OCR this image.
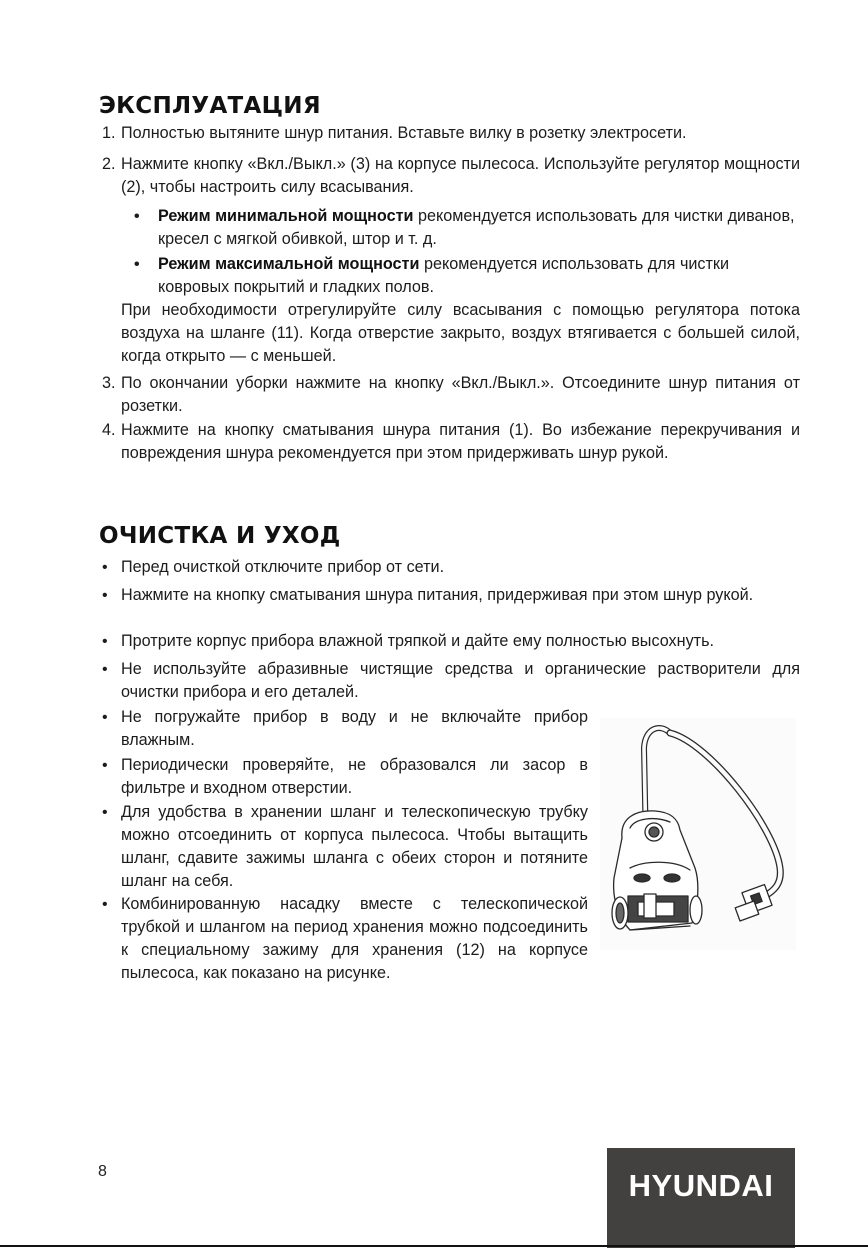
ЭКСПЛУАТАЦИЯ
1. Полностью вытяните шнур питания. Вставьте вилку в розетку электросети.
2. Нажмите кнопку «Вкл./Выкл.» (3) на корпусе пылесоса. Используйте регулятор мощности (2), чтобы настроить силу всасывания.
• Режим минимальной мощности рекомендуется использовать для чистки диванов, кресел с мягкой обивкой, штор и т. д.
• Режим максимальной мощности рекомендуется использовать для чистки ковровых покрытий и гладких полов.
При необходимости отрегулируйте силу всасывания с помощью регулятора потока воздуха на шланге (11). Когда отверстие закрыто, воздух втягивается с большей силой, когда открыто — с меньшей.
3. По окончании уборки нажмите на кнопку «Вкл./Выкл.». Отсоедините шнур питания от розетки.
4. Нажмите на кнопку сматывания шнура питания (1). Во избежание перекручивания и повреждения шнура рекомендуется при этом придерживать шнур рукой.
ОЧИСТКА И УХОД
• Перед очисткой отключите прибор от сети.
• Нажмите на кнопку сматывания шнура питания, придерживая при этом шнур рукой.
• Протрите корпус прибора влажной тряпкой и дайте ему полностью высохнуть.
• Не используйте абразивные чистящие средства и органические растворители для очистки прибора и его деталей.
• Не погружайте прибор в воду и не включайте прибор влажным.
• Периодически проверяйте, не образовался ли засор в фильтре и входном отверстии.
• Для удобства в хранении шланг и телескопическую трубку можно отсоединить от корпуса пылесоса. Чтобы вытащить шланг, сдавите зажимы шланга с обеих сторон и потяните шланг на себя.
• Комбинированную насадку вместе с телескопической трубкой и шлангом на период хранения можно подсоединить к специальному зажиму для хранения (12) на корпусе пылесоса, как показано на рисунке.
8	HYUNDAI
